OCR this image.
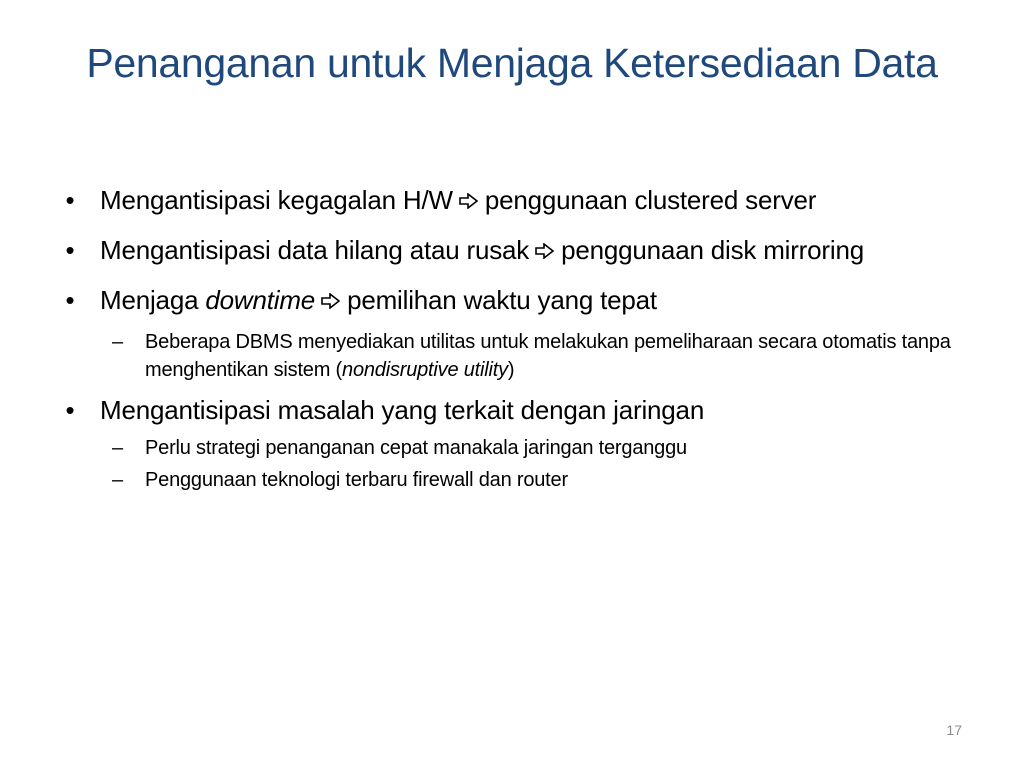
Penanganan untuk Menjaga Ketersediaan Data
• Mengantisipasi kegagalan H/W penggunaan clustered server
• Mengantisipasi data hilang atau rusak penggunaan disk mirroring
• Menjaga downtime pemilihan waktu yang tepat
– Beberapa DBMS menyediakan utilitas untuk melakukan pemeliharaan secara otomatis tanpa menghentikan sistem (nondisruptive utility)
• Mengantisipasi masalah yang terkait dengan jaringan
– Perlu strategi penanganan cepat manakala jaringan terganggu
– Penggunaan teknologi terbaru firewall dan router
17
